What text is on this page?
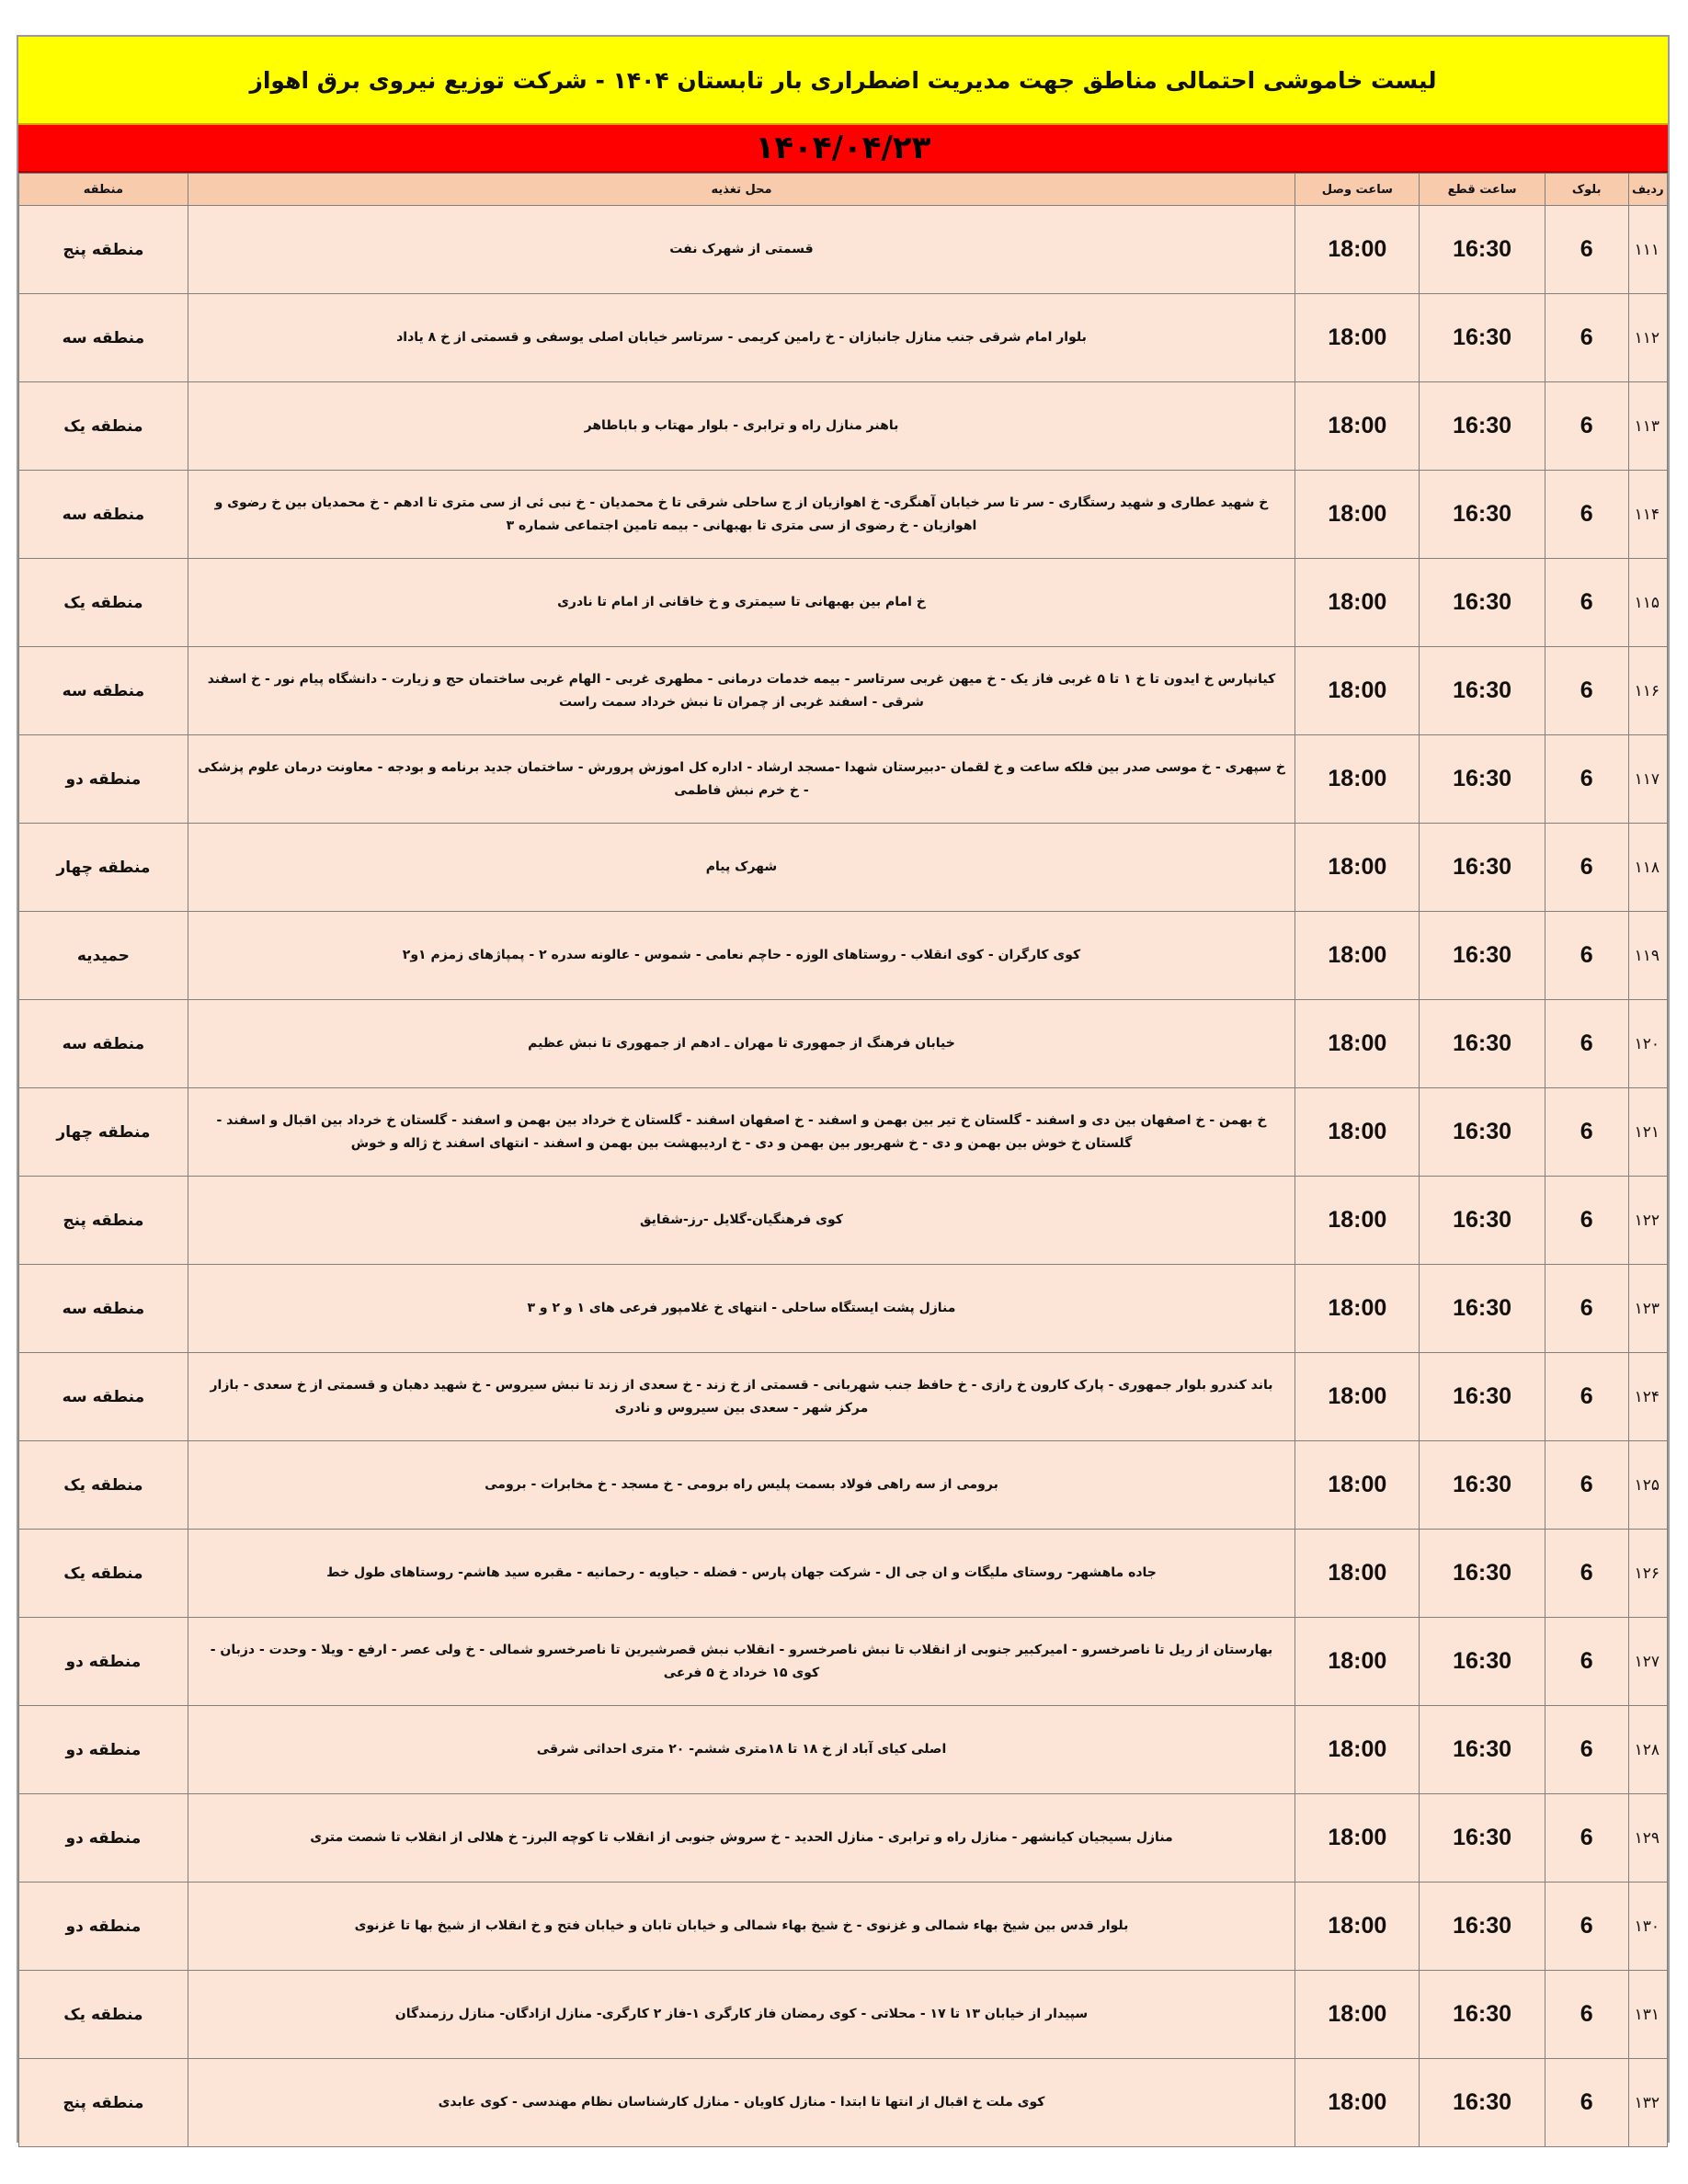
لیست خاموشی احتمالی مناطق جهت مدیریت اضطراری بار تابستان ۱۴۰۴ - شرکت توزیع نیروی برق اهواز
۱۴۰۴/۰۴/۲۳
ردیف	بلوک	ساعت قطع	ساعت وصل	محل تغذیه	منطقه
۱۱۱	6	16:30	18:00	قسمتی از شهرک نفت	منطقه پنج
۱۱۲	6	16:30	18:00	بلوار امام شرقی جنب منازل جانبازان - خ رامین کریمی - سرتاسر خیابان اصلی یوسفی و قسمتی از خ ۸ یاداد	منطقه سه
۱۱۳	6	16:30	18:00	باهنر منازل راه و ترابری - بلوار مهتاب و باباطاهر	منطقه یک
۱۱۴	6	16:30	18:00	خ شهید عطاری و شهید رستگاری - سر تا سر خیابان آهنگری- خ اهوازیان از ج ساحلی شرقی تا خ محمدیان - خ نبی ئی از سی متری تا ادهم - خ محمدیان بین خ رضوی و اهوازیان - خ رضوی از سی متری تا بهبهانی - بیمه تامین اجتماعی شماره ۳	منطقه سه
۱۱۵	6	16:30	18:00	خ امام بین بهبهانی تا سیمتری و خ خاقانی از امام تا نادری	منطقه یک
۱۱۶	6	16:30	18:00	کیانپارس خ ایدون تا خ ۱ تا ۵ غربی فاز یک - خ میهن غربی سرتاسر - بیمه خدمات درمانی - مطهری غربی - الهام غربی ساختمان حج و زیارت - دانشگاه پیام نور - خ اسفند شرقی - اسفند غربی از چمران تا نبش خرداد سمت راست	منطقه سه
۱۱۷	6	16:30	18:00	خ سپهری - خ موسی صدر بین فلکه ساعت و خ لقمان -دبیرستان شهدا -مسجد ارشاد - اداره کل اموزش پرورش - ساختمان جدید برنامه و بودجه - معاونت درمان علوم پزشکی - خ خرم نبش فاطمی	منطقه دو
۱۱۸	6	16:30	18:00	شهرک پیام	منطقه چهار
۱۱۹	6	16:30	18:00	کوی کارگران - کوی انقلاب - روستاهای الوزه - حاچم نعامی - شموس - عالونه سدره ۲ - پمپاژهای زمزم ۱و۲	حمیدیه
۱۲۰	6	16:30	18:00	خیابان فرهنگ از جمهوری تا مهران ـ ادهم از جمهوری تا نبش عظیم	منطقه سه
۱۲۱	6	16:30	18:00	خ بهمن - خ اصفهان بین دی و اسفند - گلستان خ تیر بین بهمن و اسفند - خ اصفهان اسفند - گلستان خ خرداد بین بهمن و اسفند - گلستان خ خرداد بین اقبال و اسفند - گلستان خ خوش بین بهمن و دی - خ شهریور بین بهمن و دی - خ اردیبهشت بین بهمن و اسفند - انتهای اسفند خ ژاله و خوش	منطقه چهار
۱۲۲	6	16:30	18:00	کوی فرهنگیان-گلایل -رز-شقایق	منطقه پنج
۱۲۳	6	16:30	18:00	منازل پشت ایستگاه ساحلی - انتهای خ غلامپور فرعی های ۱ و ۲ و ۳	منطقه سه
۱۲۴	6	16:30	18:00	باند کندرو بلوار جمهوری - پارک کارون خ رازی - خ حافظ جنب شهربانی - قسمتی از خ زند - خ سعدی از زند تا نبش سیروس - خ شهید دهبان و قسمتی از خ سعدی - بازار مرکز شهر - سعدی بین سیروس و نادری	منطقه سه
۱۲۵	6	16:30	18:00	برومی از سه راهی فولاد بسمت پلیس راه برومی - خ مسجد - خ مخابرات - برومی	منطقه یک
۱۲۶	6	16:30	18:00	جاده ماهشهر- روستای ملیگات و ان جی ال - شرکت جهان پارس - فضله - حیاویه - رحمانیه - مقبره سید هاشم- روستاهای طول خط	منطقه یک
۱۲۷	6	16:30	18:00	بهارستان از ریل تا ناصرخسرو - امیرکبیر جنوبی از انقلاب تا نبش ناصرخسرو - انقلاب نبش قصرشیرین تا ناصرخسرو شمالی - خ ولی عصر - ارفع - ویلا - وحدت - دزبان - کوی ۱۵ خرداد خ ۵ فرعی	منطقه دو
۱۲۸	6	16:30	18:00	اصلی کیای آباد از خ ۱۸ تا ۱۸متری ششم- ۲۰ متری احداثی شرقی	منطقه دو
۱۲۹	6	16:30	18:00	منازل بسیجیان کیانشهر - منازل راه و ترابری - منازل الحدید - خ سروش جنوبی از انقلاب تا کوچه البرز- خ هلالی از انقلاب تا شصت متری	منطقه دو
۱۳۰	6	16:30	18:00	بلوار قدس بین شیخ بهاء شمالی و غزنوی - خ شیخ بهاء شمالی و خیابان تابان و خیابان فتح و خ انقلاب از شیخ بها تا غزنوی	منطقه دو
۱۳۱	6	16:30	18:00	سپیدار از خیابان ۱۳ تا ۱۷ - محلاتی - کوی رمضان فاز کارگری ۱-فاز ۲ کارگری- منازل ازادگان- منازل رزمندگان	منطقه یک
۱۳۲	6	16:30	18:00	کوی ملت خ اقبال از انتها تا ابتدا - منازل کاویان - منازل کارشناسان نظام مهندسی - کوی عابدی	منطقه پنج
